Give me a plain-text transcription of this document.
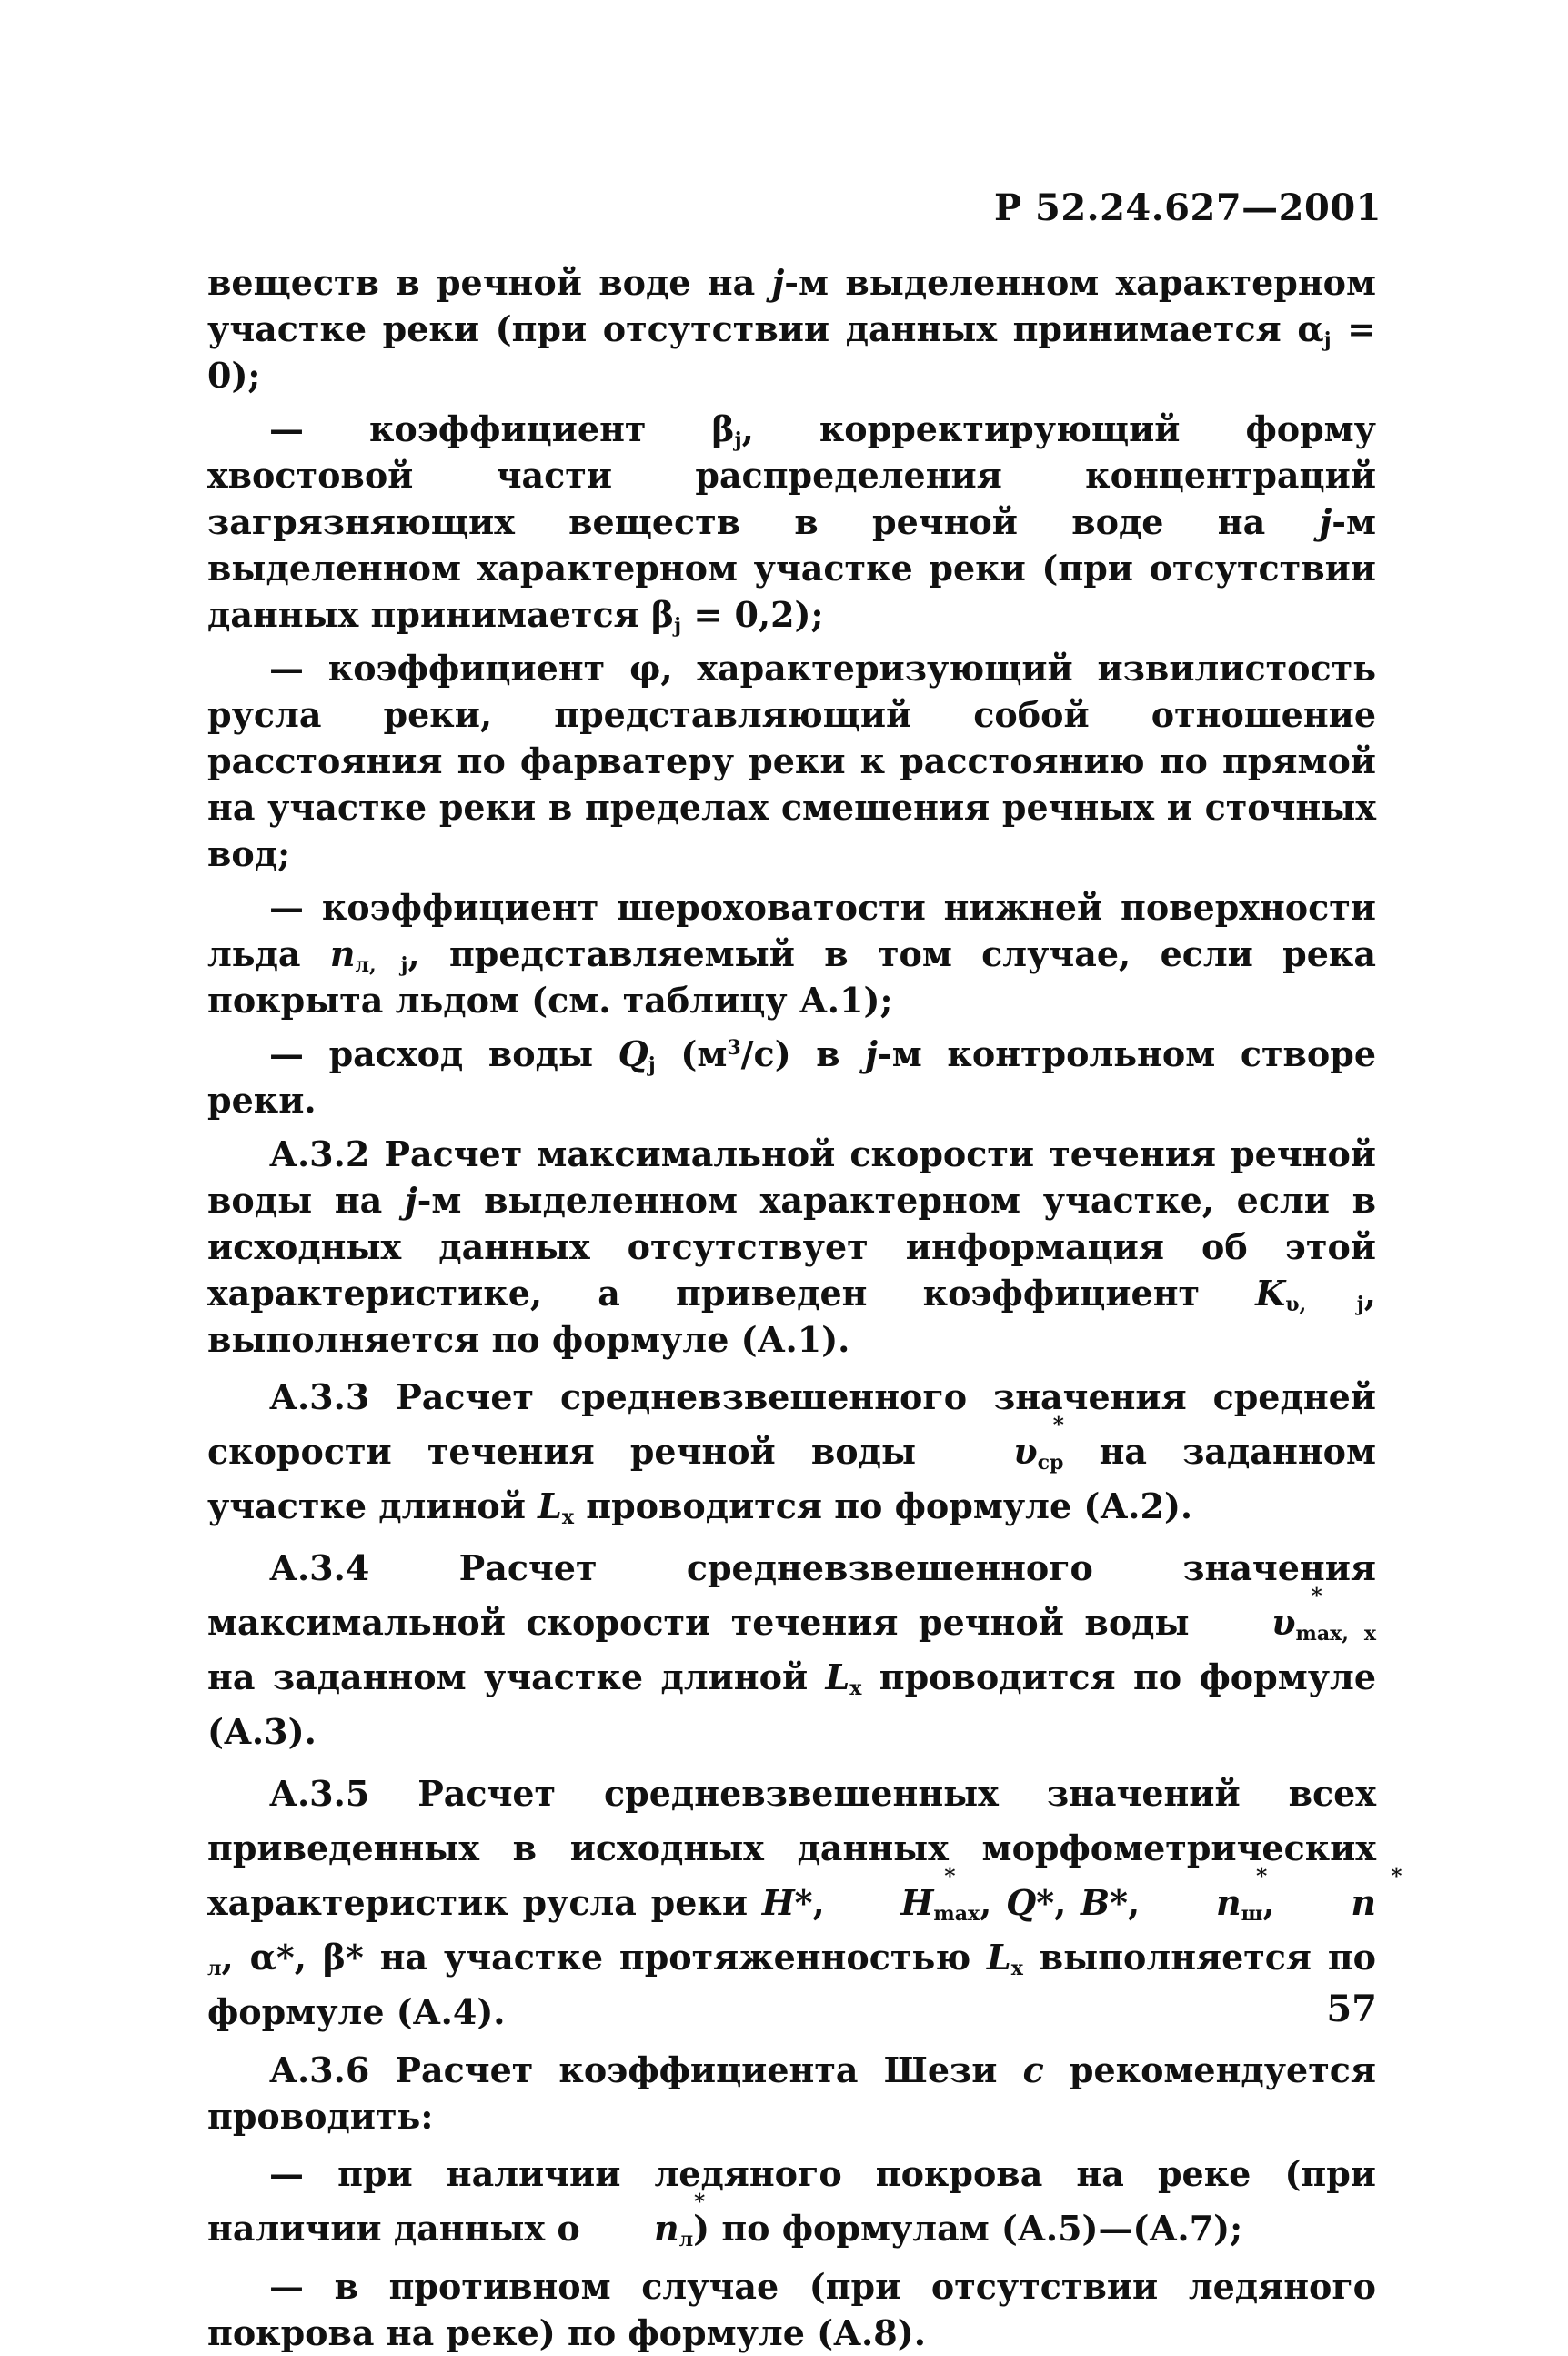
Р 52.24.627—2001

веществ в речной воде на j-м выделенном характерном участке реки (при отсутствии данных принимается $\alpha_j = 0$);

— коэффициент $\beta_j$, корректирующий форму хвостовой части распределения концентраций загрязняющих веществ в речной воде на j-м выделенном характерном участке реки (при отсутствии данных принимается $\beta_j = 0,2$);

— коэффициент φ, характеризующий извилистость русла реки, представляющий собой отношение расстояния по фарватеру реки к расстоянию по прямой на участке реки в пределах смешения речных и сточных вод;

— коэффициент шероховатости нижней поверхности льда $n_{л, j}$, представляемый в том случае, если река покрыта льдом (см. таблицу А.1);

— расход воды $Q_j$ $(м^3/с)$ в j-м контрольном створе реки.

А.3.2 Расчет максимальной скорости течения речной воды на j-м выделенном характерном участке, если в исходных данных отсутствует информация об этой характеристике, а приведен коэффициент $K_{\upsilon, j}$, выполняется по формуле (А.1).

А.3.3 Расчет средневзвешенного значения средней скорости течения речной воды υ
*
$_{ср}$ на заданном участке длиной $L_x$ проводится по формуле (А.2).

А.3.4 Расчет средневзвешенного значения максимальной скорости течения речной воды υ
*
$_{max, x}$ на заданном участке длиной $L_x$ проводится по формуле (А.3).

А.3.5 Расчет средневзвешенных значений всех приведенных в исходных данных морфометрических характеристик русла реки H*, H
*
$_{max}$, Q*, B*, n
*
$_ш$, n
*
$_л$, α*, β* на участке протяженностью $L_x$ выполняется по формуле (А.4).

А.3.6 Расчет коэффициента Шези c рекомендуется проводить:

— при наличии ледяного покрова на реке (при наличии данных о n
*
$_л$) по формулам (А.5)—(А.7);

— в противном случае (при отсутствии ледяного покрова на реке) по формуле (А.8).

57
